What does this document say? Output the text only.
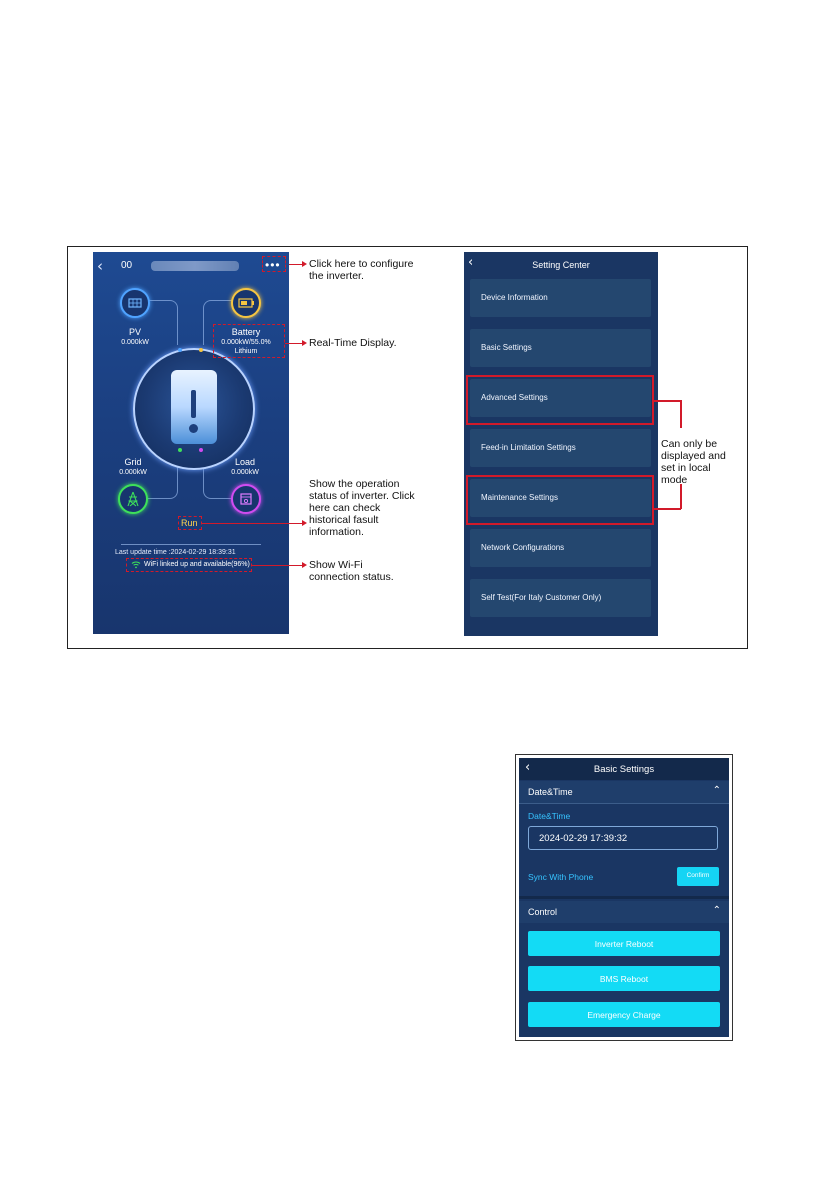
‹ 00	•••
PV
0.000kW
Battery
0.000kW/55.0%
Lithium
Grid
0.000kW
Load
0.000kW
Run
Last update time :2024-02-29 18:39:31
WiFi linked up and available(96%)
Click here to configure the inverter.
Real-Time Display.
Show the operation status of inverter. Click here can check historical fasult information.
Show Wi-Fi connection status.
‹	Setting Center
Device Information
Basic Settings
Advanced Settings
Feed-in Limitation Settings
Maintenance Settings
Network Configurations
Self Test(For Italy Customer Only)
Can only be displayed and set in local mode
‹	Basic Settings
Date&Time	⌃
Date&Time
2024-02-29 17:39:32
Sync With Phone	Confirm
Control	⌃
Inverter Reboot
BMS Reboot
Emergency Charge
